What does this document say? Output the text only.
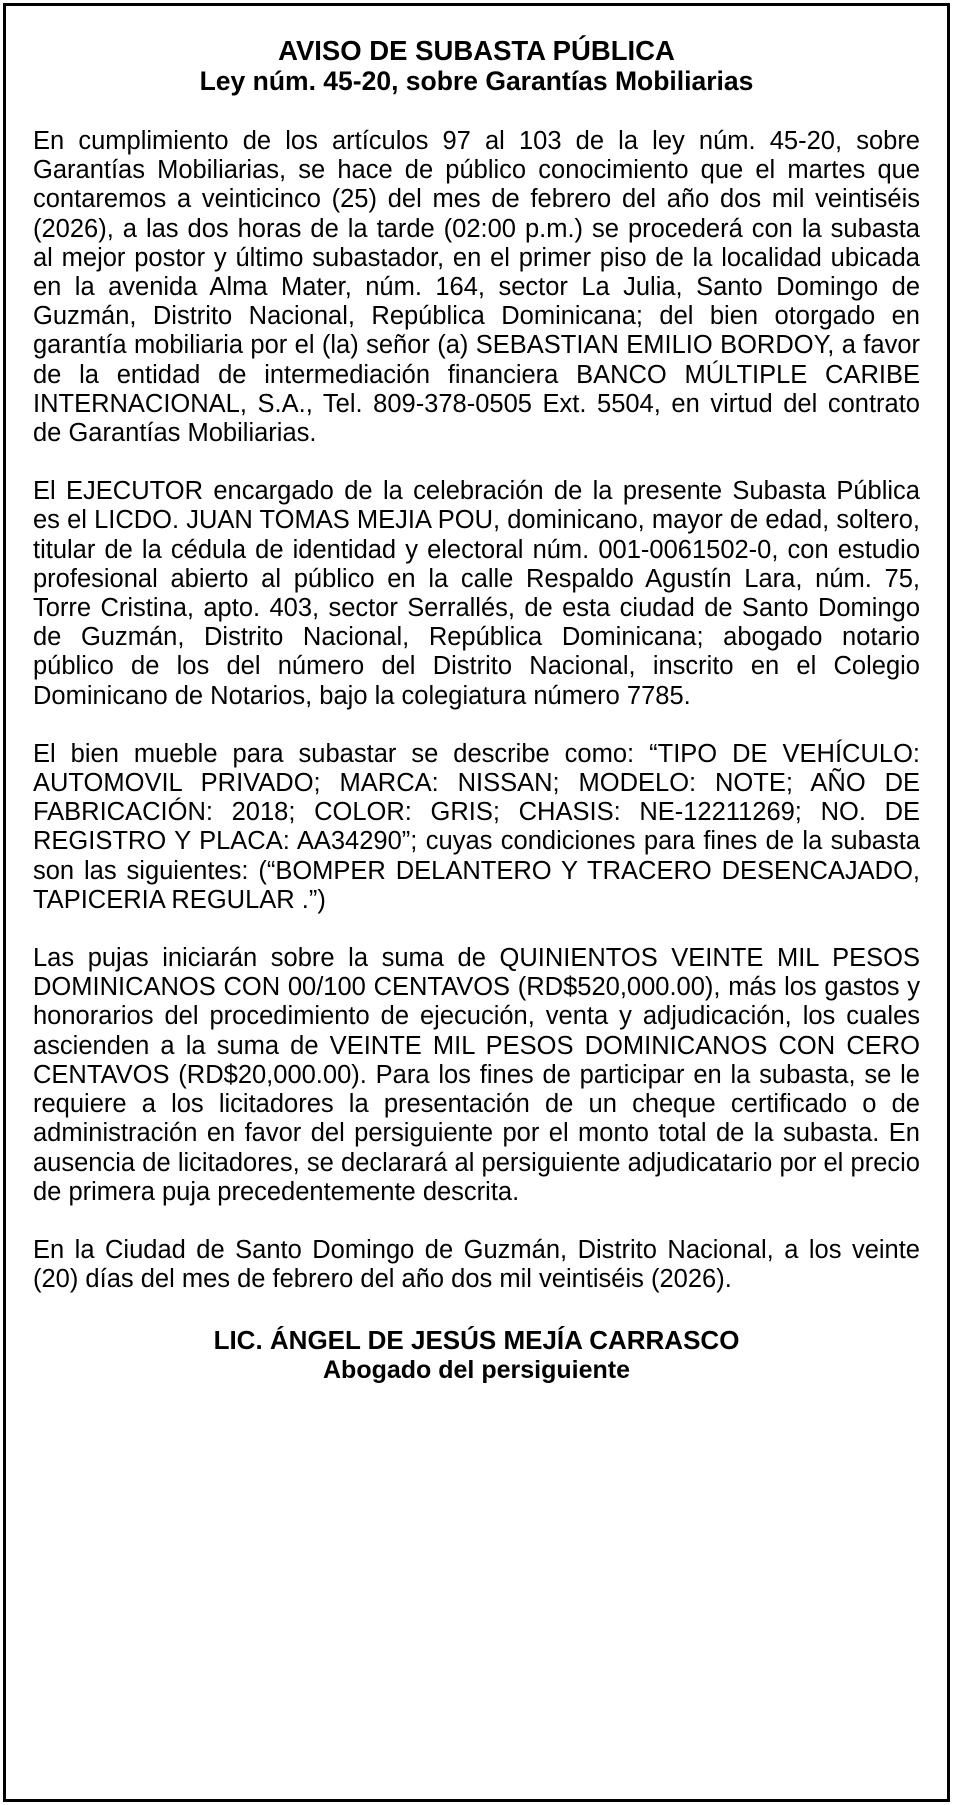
AVISO DE SUBASTA PÚBLICA
Ley núm. 45-20, sobre Garantías Mobiliarias

En cumplimiento de los artículos 97 al 103 de la ley núm. 45-20, sobre Garantías Mobiliarias, se hace de público conocimiento que el martes que contaremos a veinticinco (25) del mes de febrero del año dos mil veintiséis (2026), a las dos horas de la tarde (02:00 p.m.) se procederá con la subasta al mejor postor y último subastador, en el primer piso de la localidad ubicada en la avenida Alma Mater, núm. 164, sector La Julia, Santo Domingo de Guzmán, Distrito Nacional, República Dominicana; del bien otorgado en garantía mobiliaria por el (la) señor (a) SEBASTIAN EMILIO BORDOY, a favor de la entidad de intermediación financiera BANCO MÚLTIPLE CARIBE INTERNACIONAL, S.A., Tel. 809-378-0505 Ext. 5504, en virtud del contrato de Garantías Mobiliarias.

El EJECUTOR encargado de la celebración de la presente Subasta Pública es el LICDO. JUAN TOMAS MEJIA POU, dominicano, mayor de edad, soltero, titular de la cédula de identidad y electoral núm. 001-0061502-0, con estudio profesional abierto al público en la calle Respaldo Agustín Lara, núm. 75, Torre Cristina, apto. 403, sector Serrallés, de esta ciudad de Santo Domingo de Guzmán, Distrito Nacional, República Dominicana; abogado notario público de los del número del Distrito Nacional, inscrito en el Colegio Dominicano de Notarios, bajo la colegiatura número 7785.

El bien mueble para subastar se describe como: “TIPO DE VEHÍCULO: AUTOMOVIL PRIVADO; MARCA: NISSAN; MODELO: NOTE; AÑO DE FABRICACIÓN: 2018; COLOR: GRIS; CHASIS: NE-12211269; NO. DE REGISTRO Y PLACA: AA34290”; cuyas condiciones para fines de la subasta son las siguientes: (“BOMPER DELANTERO Y TRACERO DESENCAJADO, TAPICERIA REGULAR .”)

Las pujas iniciarán sobre la suma de QUINIENTOS VEINTE MIL PESOS DOMINICANOS CON 00/100 CENTAVOS (RD$520,000.00), más los gastos y honorarios del procedimiento de ejecución, venta y adjudicación, los cuales ascienden a la suma de VEINTE MIL PESOS DOMINICANOS CON CERO CENTAVOS (RD$20,000.00). Para los fines de participar en la subasta, se le requiere a los licitadores la presentación de un cheque certificado o de administración en favor del persiguiente por el monto total de la subasta. En ausencia de licitadores, se declarará al persiguiente adjudicatario por el precio de primera puja precedentemente descrita.

En la Ciudad de Santo Domingo de Guzmán, Distrito Nacional, a los veinte (20) días del mes de febrero del año dos mil veintiséis (2026).

LIC. ÁNGEL DE JESÚS MEJÍA CARRASCO
Abogado del persiguiente
